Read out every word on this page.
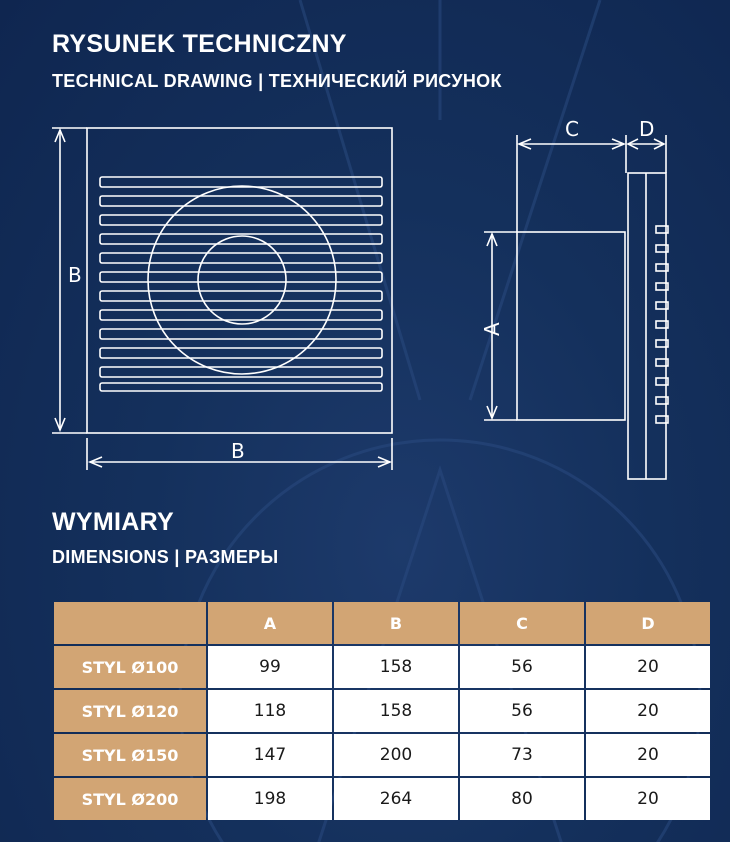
RYSUNEK TECHNICZNY
TECHNICAL DRAWING | ТЕХНИЧЕСКИЙ РИСУНОК
B
B
A
C	D
WYMIARY
DIMENSIONS | РАЗМЕРЫ
	A	B	C	D
STYL Ø100	99	158	56	20
STYL Ø120	118	158	56	20
STYL Ø150	147	200	73	20
STYL Ø200	198	264	80	20
